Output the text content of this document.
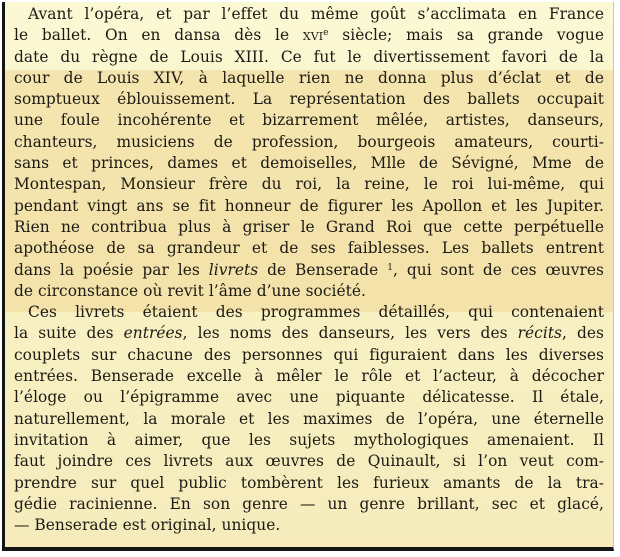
Avant l’opéra, et par l’effet du même goût s’acclimata en France
le ballet. On en dansa dès le xvi$^e$ siècle; mais sa grande vogue
date du règne de Louis XIII. Ce fut le divertissement favori de la
cour de Louis XIV, à laquelle rien ne donna plus d’éclat et de
somptueux éblouissement. La représentation des ballets occupait
une foule incohérente et bizarrement mêlée, artistes, danseurs,
chanteurs, musiciens de profession, bourgeois amateurs, courti-
sans et princes, dames et demoiselles, Mlle de Sévigné, Mme de
Montespan, Monsieur frère du roi, la reine, le roi lui-même, qui
pendant vingt ans se fit honneur de figurer les Apollon et les Jupiter.
Rien ne contribua plus à griser le Grand Roi que cette perpétuelle
apothéose de sa grandeur et de ses faiblesses. Les ballets entrent
dans la poésie par les livrets de Benserade $^1$, qui sont de ces œuvres
de circonstance où revit l’âme d’une société.
Ces livrets étaient des programmes détaillés, qui contenaient
la suite des entrées, les noms des danseurs, les vers des récits, des
couplets sur chacune des personnes qui figuraient dans les diverses
entrées. Benserade excelle à mêler le rôle et l’acteur, à décocher
l’éloge ou l’épigramme avec une piquante délicatesse. Il étale,
naturellement, la morale et les maximes de l’opéra, une éternelle
invitation à aimer, que les sujets mythologiques amenaient. Il
faut joindre ces livrets aux œuvres de Quinault, si l’on veut com-
prendre sur quel public tombèrent les furieux amants de la tra-
gédie racinienne. En son genre — un genre brillant, sec et glacé,
— Benserade est original, unique.
